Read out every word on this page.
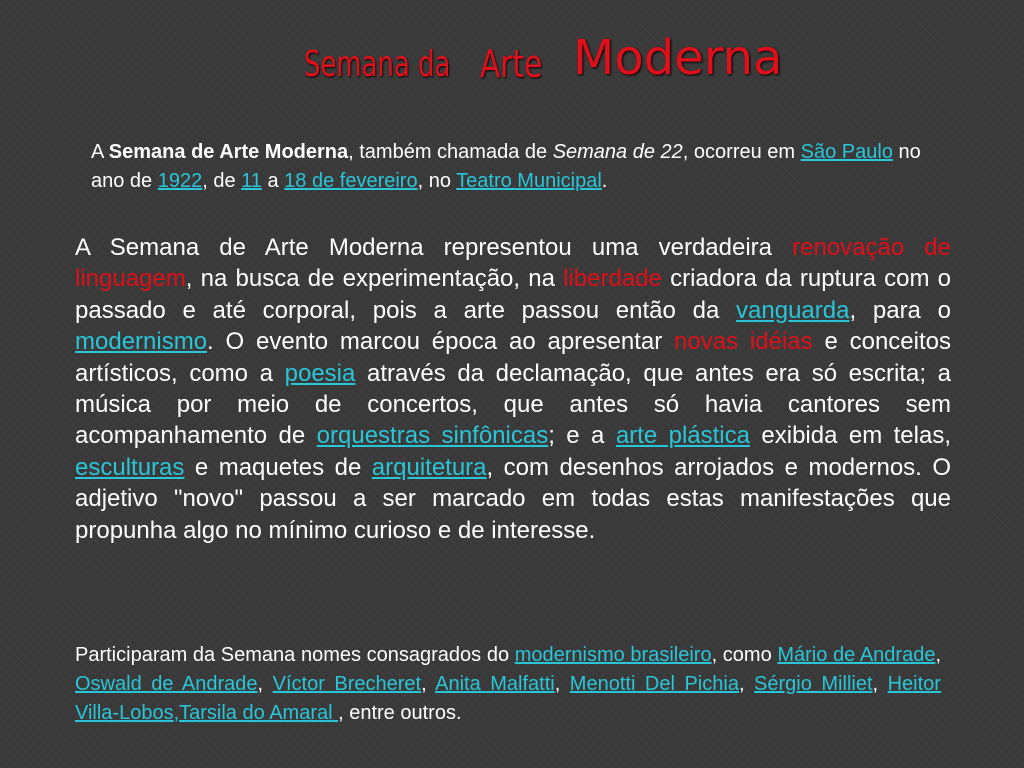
Semana da Arte Moderna

A Semana de Arte Moderna, também chamada de Semana de 22, ocorreu em São Paulo no ano de 1922, de 11 a 18 de fevereiro, no Teatro Municipal.

A Semana de Arte Moderna representou uma verdadeira renovação de linguagem, na busca de experimentação, na liberdade criadora da ruptura com o passado e até corporal, pois a arte passou então da vanguarda, para o modernismo. O evento marcou época ao apresentar novas idéias e conceitos artísticos, como a poesia através da declamação, que antes era só escrita; a música por meio de concertos, que antes só havia cantores sem acompanhamento de orquestras sinfônicas; e a arte plástica exibida em telas, esculturas e maquetes de arquitetura, com desenhos arrojados e modernos. O adjetivo "novo" passou a ser marcado em todas estas manifestações que propunha algo no mínimo curioso e de interesse.

Participaram da Semana nomes consagrados do modernismo brasileiro, como Mário de Andrade, Oswald de Andrade, Víctor Brecheret, Anita Malfatti, Menotti Del Pichia, Sérgio Milliet, Heitor Villa-Lobos,Tarsila do Amaral , entre outros.
